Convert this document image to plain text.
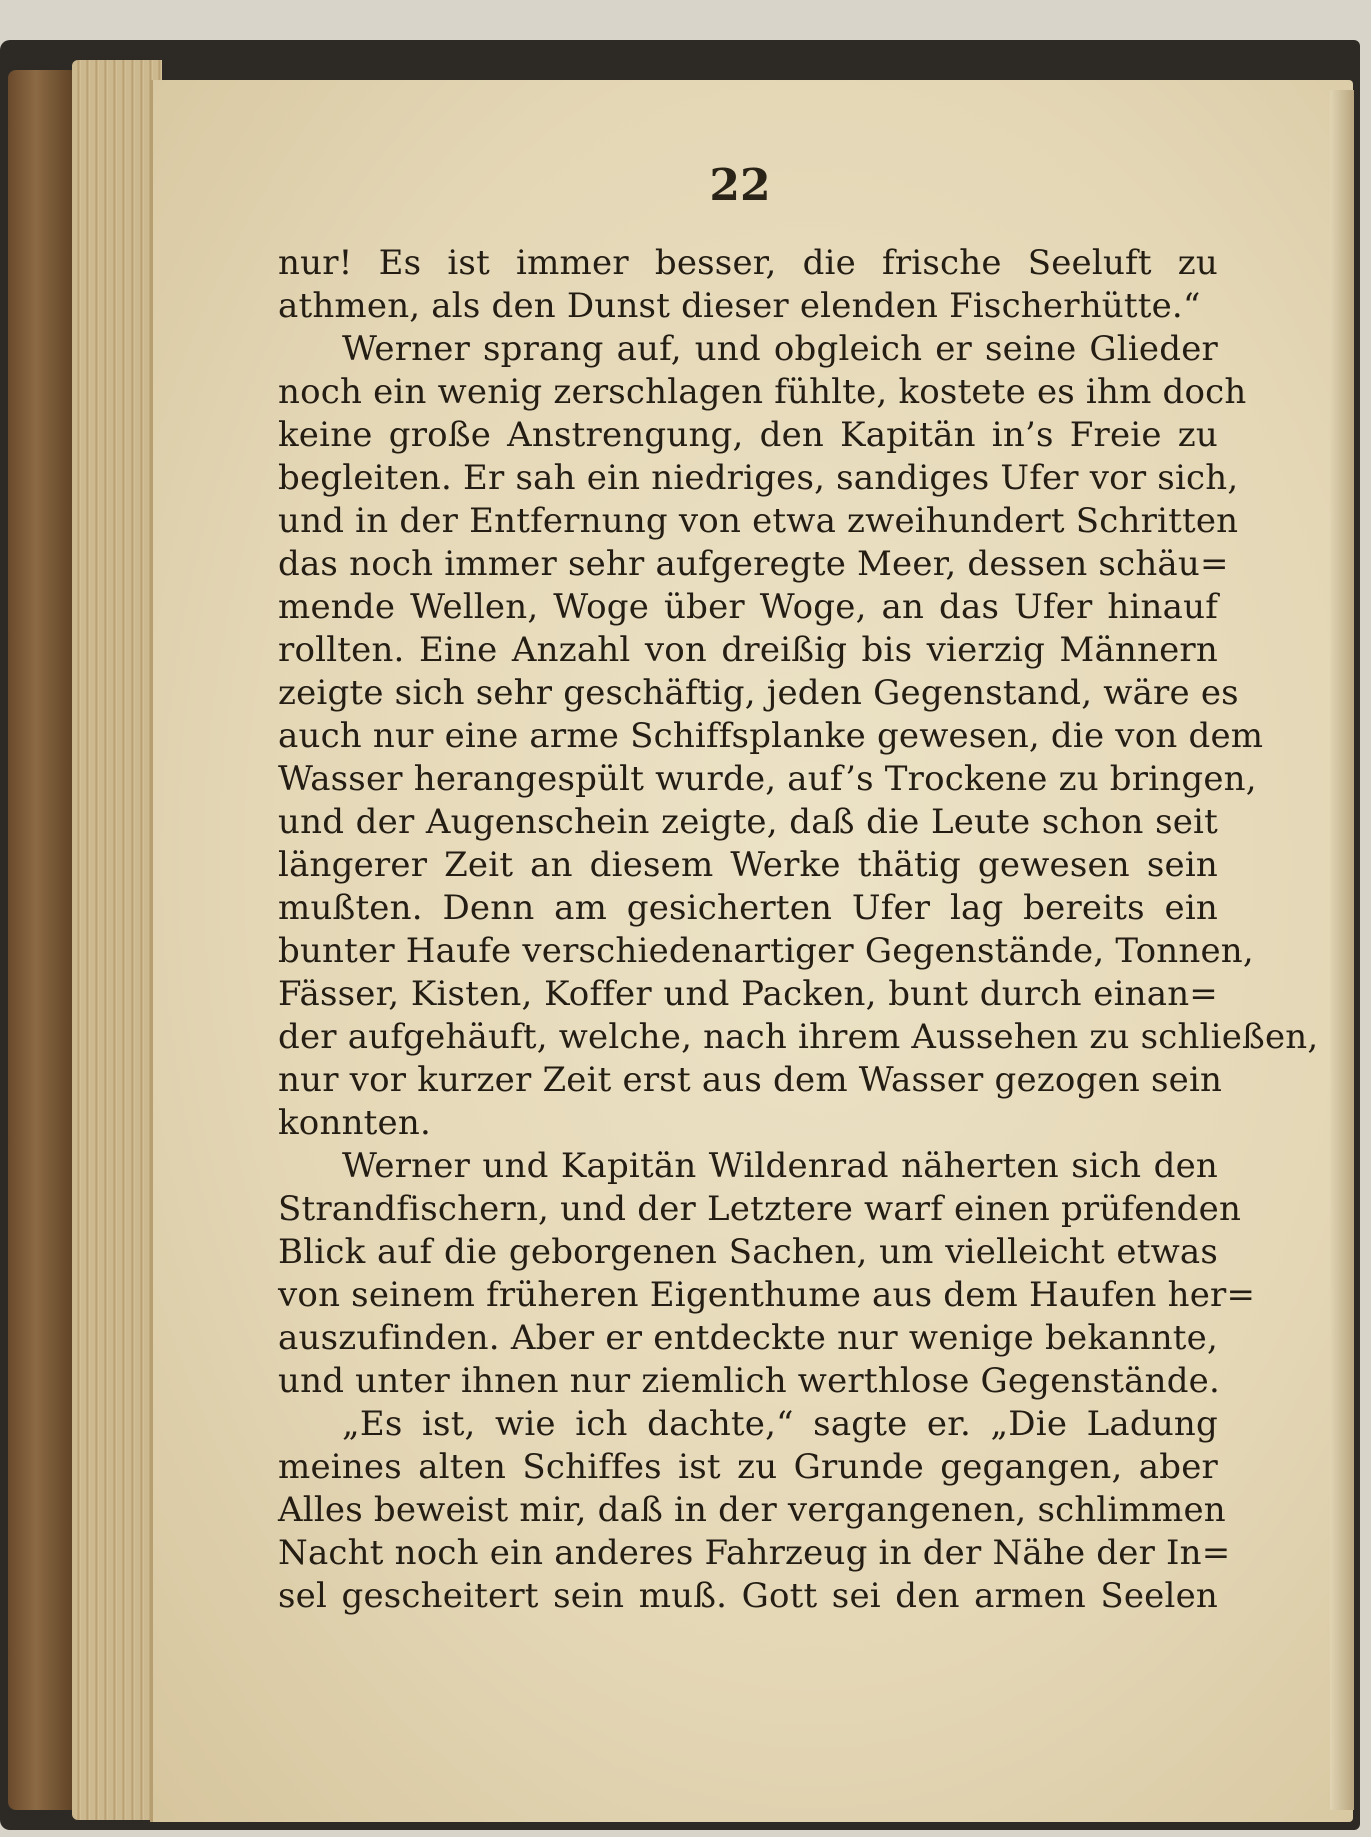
22
nur! Es ist immer besser, die frische Seeluft zu
athmen, als den Dunst dieser elenden Fischerhütte.“
Werner sprang auf, und obgleich er seine Glieder
noch ein wenig zerschlagen fühlte, kostete es ihm doch
keine große Anstrengung, den Kapitän in’s Freie zu
begleiten. Er sah ein niedriges, sandiges Ufer vor sich,
und in der Entfernung von etwa zweihundert Schritten
das noch immer sehr aufgeregte Meer, dessen schäu=
mende Wellen, Woge über Woge, an das Ufer hinauf
rollten. Eine Anzahl von dreißig bis vierzig Männern
zeigte sich sehr geschäftig, jeden Gegenstand, wäre es
auch nur eine arme Schiffsplanke gewesen, die von dem
Wasser herangespült wurde, auf’s Trockene zu bringen,
und der Augenschein zeigte, daß die Leute schon seit
längerer Zeit an diesem Werke thätig gewesen sein
mußten. Denn am gesicherten Ufer lag bereits ein
bunter Haufe verschiedenartiger Gegenstände, Tonnen,
Fässer, Kisten, Koffer und Packen, bunt durch einan=
der aufgehäuft, welche, nach ihrem Aussehen zu schließen,
nur vor kurzer Zeit erst aus dem Wasser gezogen sein
konnten.
Werner und Kapitän Wildenrad näherten sich den
Strandfischern, und der Letztere warf einen prüfenden
Blick auf die geborgenen Sachen, um vielleicht etwas
von seinem früheren Eigenthume aus dem Haufen her=
auszufinden. Aber er entdeckte nur wenige bekannte,
und unter ihnen nur ziemlich werthlose Gegenstände.
„Es ist, wie ich dachte,“ sagte er. „Die Ladung
meines alten Schiffes ist zu Grunde gegangen, aber
Alles beweist mir, daß in der vergangenen, schlimmen
Nacht noch ein anderes Fahrzeug in der Nähe der In=
sel gescheitert sein muß. Gott sei den armen Seelen
